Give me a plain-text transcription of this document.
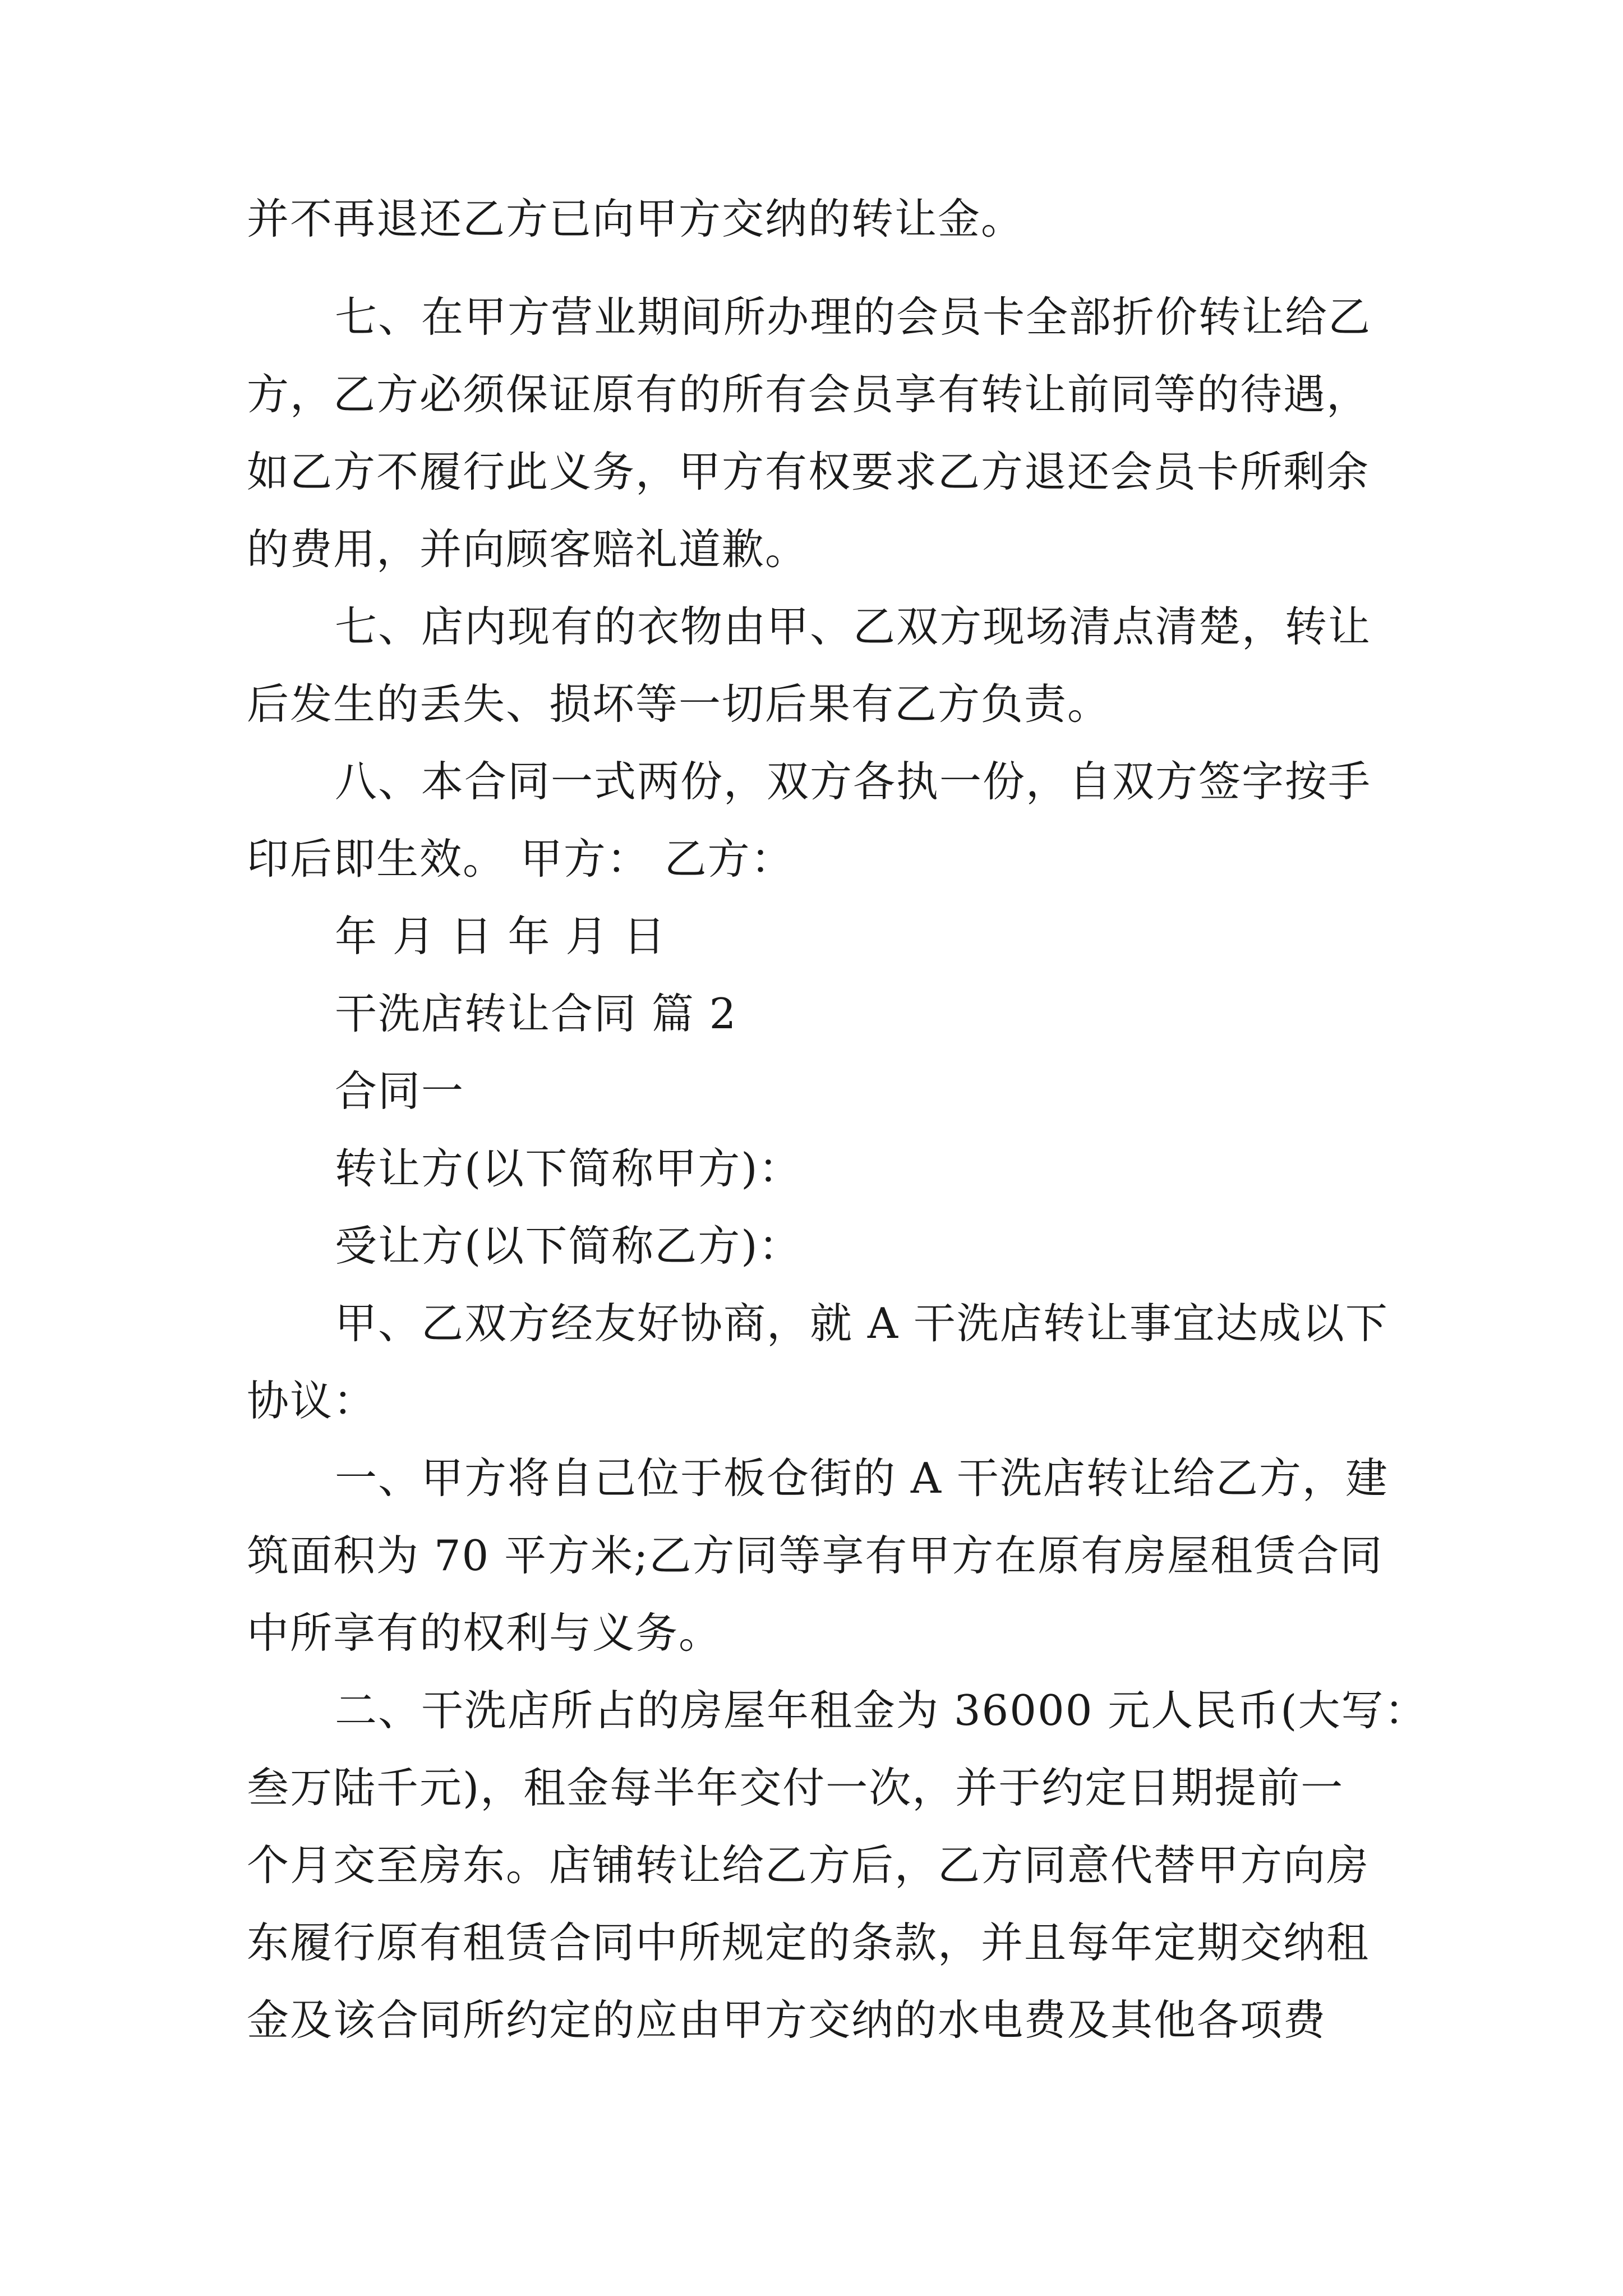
并不再退还乙方已向甲方交纳的转让金。

七、在甲方营业期间所办理的会员卡全部折价转让给乙

方，乙方必须保证原有的所有会员享有转让前同等的待遇，

如乙方不履行此义务，甲方有权要求乙方退还会员卡所剩余

的费用，并向顾客赔礼道歉。

七、店内现有的衣物由甲、乙双方现场清点清楚，转让

后发生的丢失、损坏等一切后果有乙方负责。

八、本合同一式两份，双方各执一份，自双方签字按手

印后即生效。 甲方： 乙方：

年 月 日 年 月 日

干洗店转让合同 篇 2

合同一

转让方(以下简称甲方)：

受让方(以下简称乙方)：

甲、乙双方经友好协商，就 A 干洗店转让事宜达成以下

协议：

一、甲方将自己位于板仓街的 A 干洗店转让给乙方，建

筑面积为 70 平方米;乙方同等享有甲方在原有房屋租赁合同

中所享有的权利与义务。

二、干洗店所占的房屋年租金为 36000 元人民币(大写：

叁万陆千元)，租金每半年交付一次，并于约定日期提前一

个月交至房东。店铺转让给乙方后，乙方同意代替甲方向房

东履行原有租赁合同中所规定的条款，并且每年定期交纳租

金及该合同所约定的应由甲方交纳的水电费及其他各项费
